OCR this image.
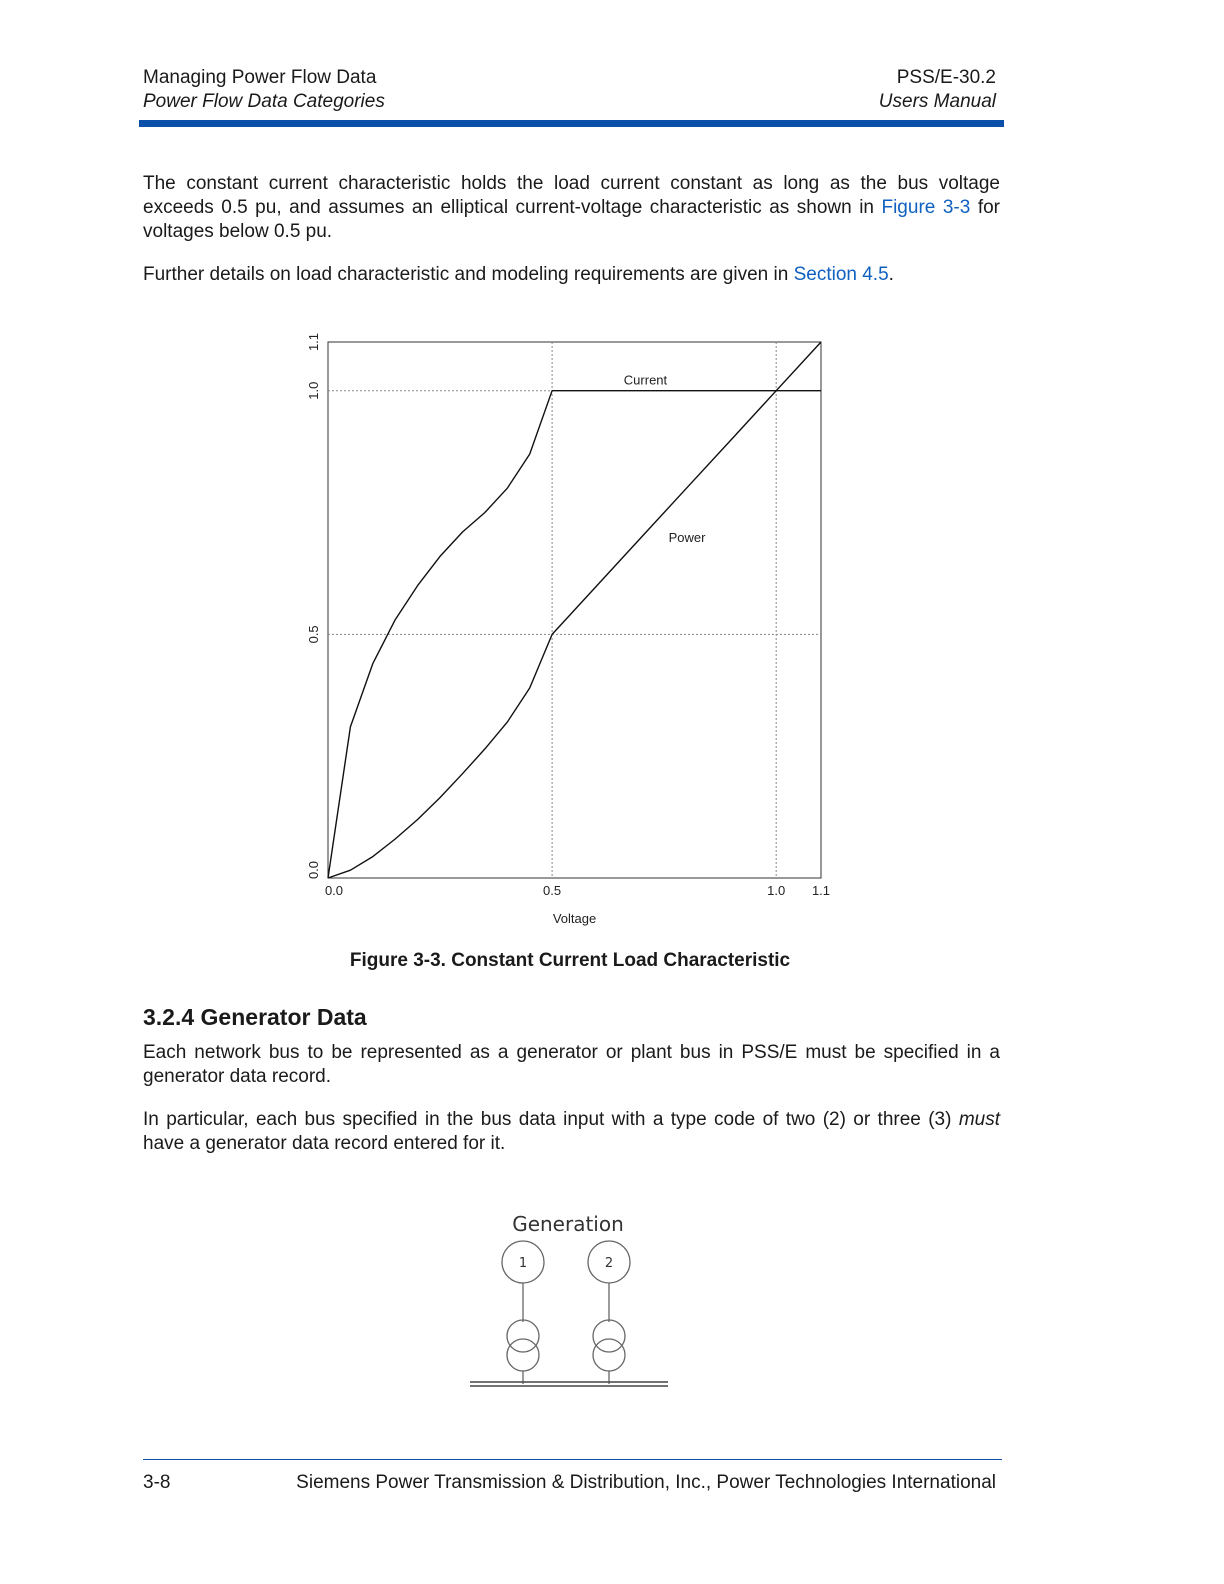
Managing Power Flow Data
Power Flow Data Categories
PSS/E-30.2
Users Manual
The constant current characteristic holds the load current constant as long as the bus voltage exceeds 0.5 pu, and assumes an elliptical current-voltage characteristic as shown in Figure 3-3 for voltages below 0.5 pu.
Further details on load characteristic and modeling requirements are given in Section 4.5.
Current
Power
0.0	0.5	1.0 1.1
0.0
0.5
1.0
1.1
Voltage
Figure 3-3. Constant Current Load Characteristic
3.2.4 Generator Data
Each network bus to be represented as a generator or plant bus in PSS/E must be specified in a generator data record.
In particular, each bus specified in the bus data input with a type code of two (2) or three (3) must have a generator data record entered for it.
Generation
1	2
3-8	Siemens Power Transmission & Distribution, Inc., Power Technologies International
